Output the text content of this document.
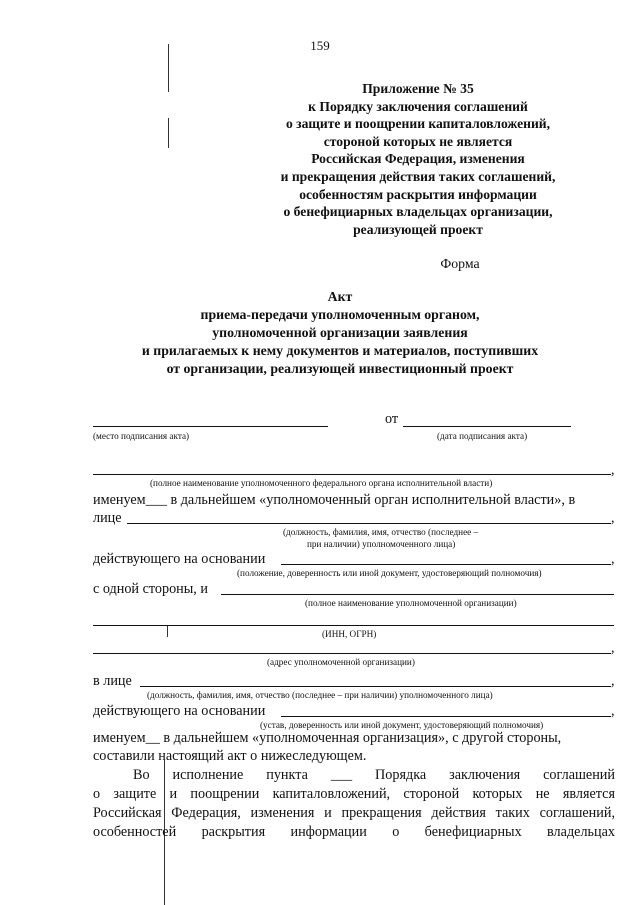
159
Приложение № 35
к Порядку заключения соглашений
о защите и поощрении капиталовложений,
стороной которых не является
Российская Федерация, изменения
и прекращения действия таких соглашений,
особенностям раскрытия информации
о бенефициарных владельцах организации,
реализующей проект
Форма
Акт
приема-передачи уполномоченным органом,
уполномоченной организации заявления
и прилагаемых к нему документов и материалов, поступивших
от организации, реализующей инвестиционный проект
от
(место подписания акта)	(дата подписания акта)
,
(полное наименование уполномоченного федерального органа исполнительной власти)
именуем___ в дальнейшем «уполномоченный орган исполнительной власти», в
лице	,
(должность, фамилия, имя, отчество (последнее –
при наличии) уполномоченного лица)
действующего на основании	,
(положение, доверенность или иной документ, удостоверяющий полномочия)
с одной стороны, и
(полное наименование уполномоченной организации)
(ИНН, ОГРН)
,
(адрес уполномоченной организации)
в лице	,
(должность, фамилия, имя, отчество (последнее – при наличии) уполномоченного лица)
действующего на основании	,
(устав, доверенность или иной документ, удостоверяющий полномочия)
именуем__ в дальнейшем «уполномоченная организация», с другой стороны,
составили настоящий акт о нижеследующем.
Во исполнение пункта ___ Порядка заключения соглашений
о защите и поощрении капиталовложений, стороной которых не является
Российская Федерация, изменения и прекращения действия таких соглашений,
особенностей раскрытия информации о бенефициарных владельцах
